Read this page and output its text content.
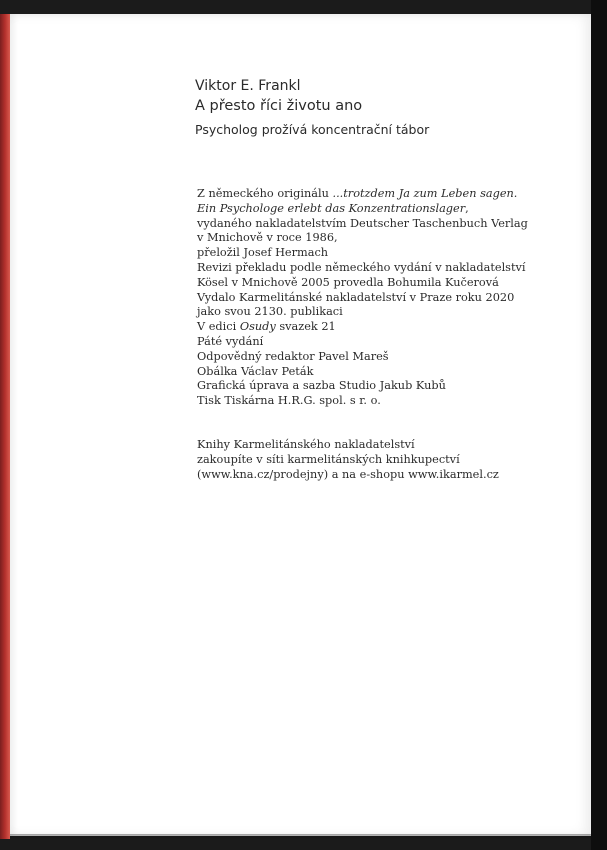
Viktor E. Frankl
A přesto říci životu ano
Psycholog prožívá koncentrační tábor
Z německého originálu ...trotzdem Ja zum Leben sagen.
Ein Psychologe erlebt das Konzentrationslager,
vydaného nakladatelstvím Deutscher Taschenbuch Verlag
v Mnichově v roce 1986,
přeložil Josef Hermach
Revizi překladu podle německého vydání v nakladatelství
Kösel v Mnichově 2005 provedla Bohumila Kučerová
Vydalo Karmelitánské nakladatelství v Praze roku 2020
jako svou 2130. publikaci
V edici Osudy svazek 21
Páté vydání
Odpovědný redaktor Pavel Mareš
Obálka Václav Peták
Grafická úprava a sazba Studio Jakub Kubů
Tisk Tiskárna H.R.G. spol. s r. o.
Knihy Karmelitánského nakladatelství
zakoupíte v síti karmelitánských knihkupectví
(www.kna.cz/prodejny) a na e-shopu www.ikarmel.cz
